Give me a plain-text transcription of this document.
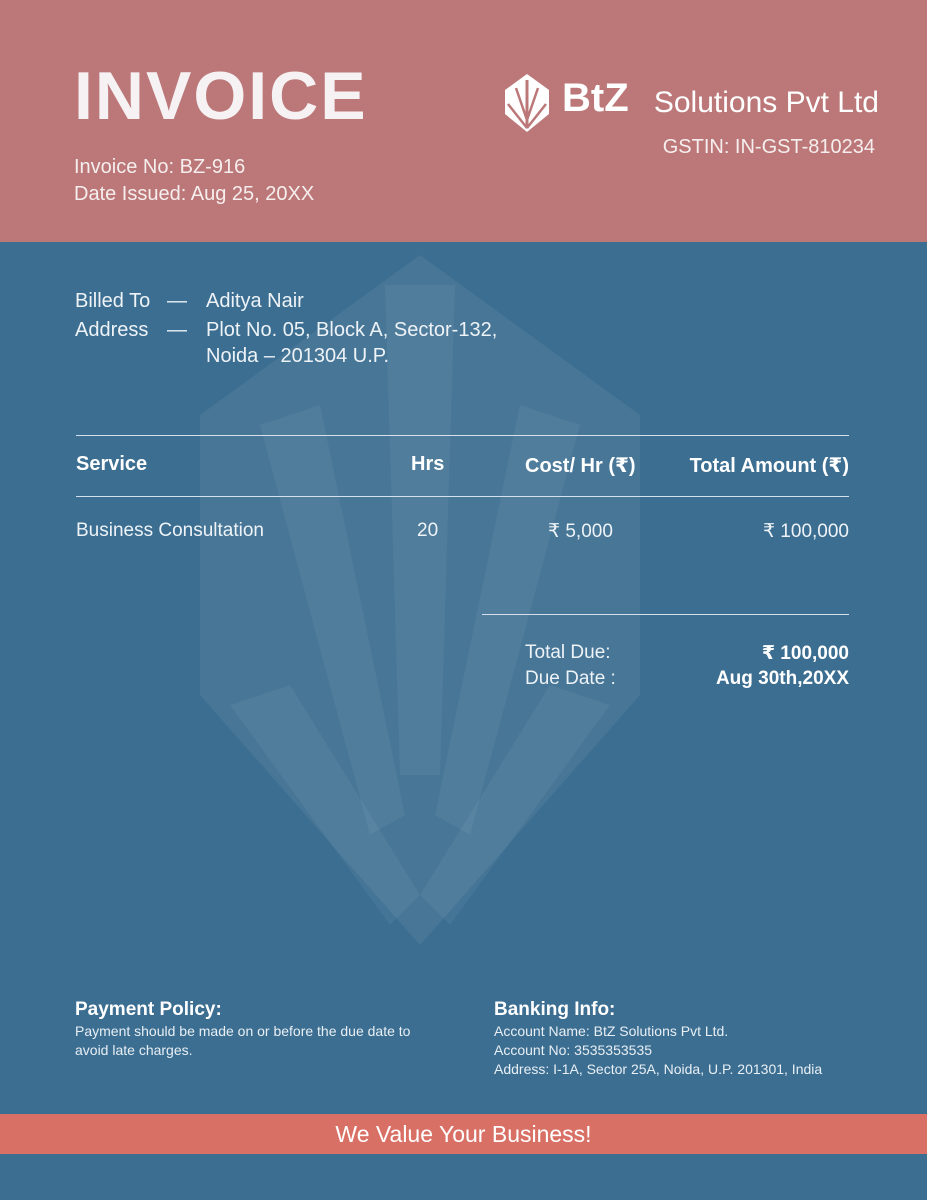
INVOICE
Invoice No: BZ-916
Date Issued: Aug 25, 20XX
BtZ Solutions Pvt Ltd
GSTIN: IN-GST-810234
Billed To — Aditya Nair
Address — Plot No. 05, Block A, Sector-132,
Noida – 201304 U.P.
Service	Hrs	Cost/ Hr (₹)	Total Amount (₹)
Business Consultation	20	₹ 5,000	₹ 100,000
Total Due:	₹ 100,000
Due Date :	Aug 30th,20XX
Payment Policy:
Payment should be made on or before the due date to
avoid late charges.
Banking Info:
Account Name: BtZ Solutions Pvt Ltd.
Account No: 3535353535
Address: I-1A, Sector 25A, Noida, U.P. 201301, India
We Value Your Business!
